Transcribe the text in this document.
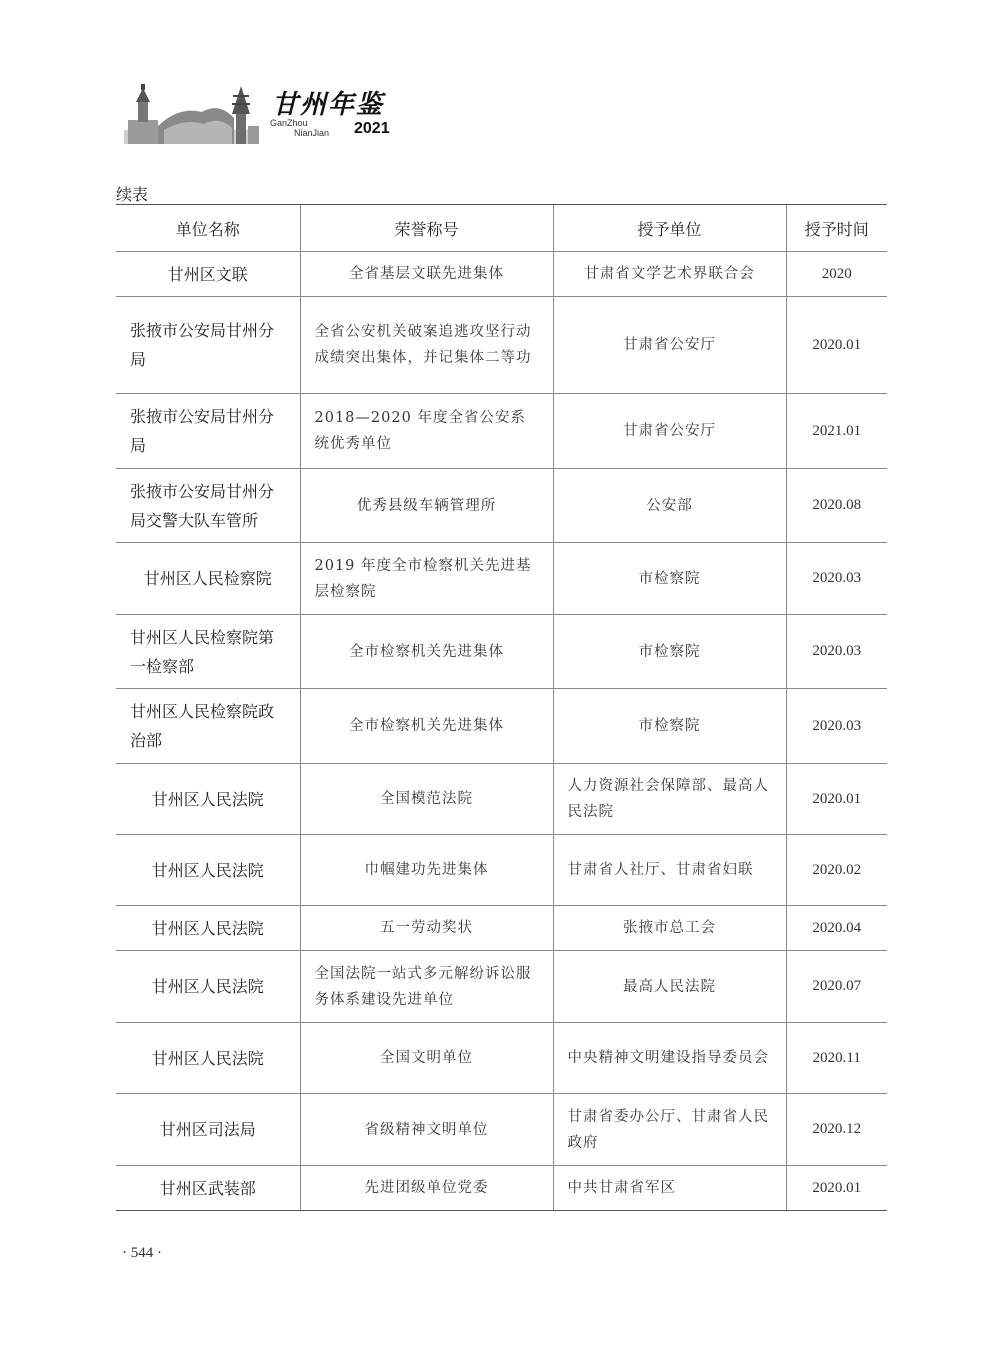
甘州年鉴
GanZhou
NianJian 2021
续表
单位名称	荣誉称号	授予单位	授予时间
甘州区文联	全省基层文联先进集体	甘肃省文学艺术界联合会	2020
张掖市公安局甘州分局	全省公安机关破案追逃攻坚行动成绩突出集体，并记集体二等功	甘肃省公安厅	2020.01
张掖市公安局甘州分局	2018—2020 年度全省公安系统优秀单位	甘肃省公安厅	2021.01
张掖市公安局甘州分局交警大队车管所	优秀县级车辆管理所	公安部	2020.08
甘州区人民检察院	2019 年度全市检察机关先进基层检察院	市检察院	2020.03
甘州区人民检察院第一检察部	全市检察机关先进集体	市检察院	2020.03
甘州区人民检察院政治部	全市检察机关先进集体	市检察院	2020.03
甘州区人民法院	全国模范法院	人力资源社会保障部、最高人民法院	2020.01
甘州区人民法院	巾帼建功先进集体	甘肃省人社厅、甘肃省妇联	2020.02
甘州区人民法院	五一劳动奖状	张掖市总工会	2020.04
甘州区人民法院	全国法院一站式多元解纷诉讼服务体系建设先进单位	最高人民法院	2020.07
甘州区人民法院	全国文明单位	中央精神文明建设指导委员会	2020.11
甘州区司法局	省级精神文明单位	甘肃省委办公厅、甘肃省人民政府	2020.12
甘州区武装部	先进团级单位党委	中共甘肃省军区	2020.01
· 544 ·
